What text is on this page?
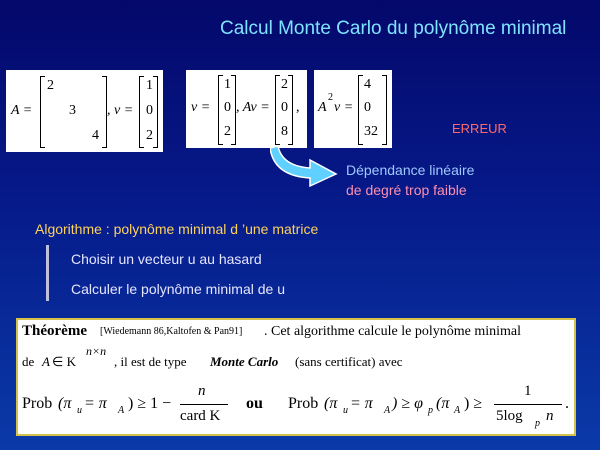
Calcul Monte Carlo du polynôme minimal
A =
2
3
4
, v =
1
0
2
v =
1
0
2
, Av =
2
0
8
, A
2
v =
4
0
32	ERREUR
Dépendance linéaire
de degré trop faible
Algorithme : polynôme minimal d ’une matrice
Choisir un vecteur u au hasard
Calculer le polynôme minimal de u
Théorème [Wiedemann 86,Kaltofen & Pan91] . Cet algorithme calcule le polynôme minimal
de A ∈ K
n×n
, il est de type Monte Carlo (sans certificat) avec
Prob (π u = π A ) ≥ 1 −
n
card K
ou Prob (π u = π A ) ≥ φ p (π A ) ≥
1
5log p n
.
